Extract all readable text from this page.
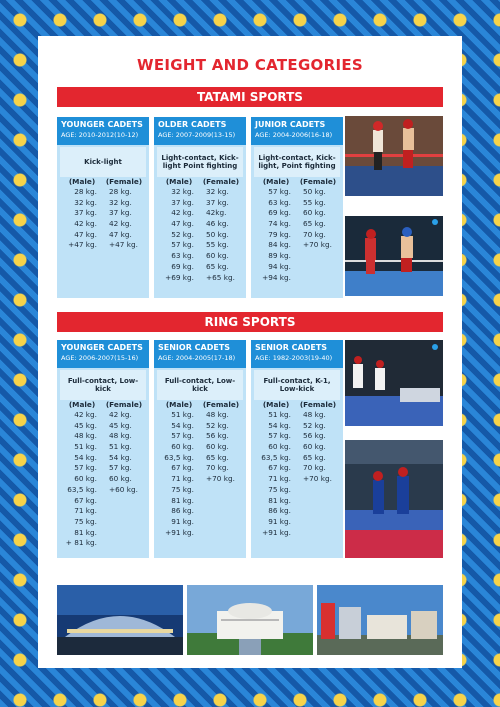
WEIGHT AND CATEGORIES
TATAMI SPORTS
YOUNGER CADETS
AGE: 2010-2012(10-12)
Kick-light
(Male)
28 kg.
32 kg.
37 kg.
42 kg.
47 kg.
+47 kg.
(Female)
28 kg.
32 kg.
37 kg.
42 kg.
47 kg.
+47 kg.
OLDER CADETS
AGE: 2007-2009(13-15)
Light-contact, Kick-light Point fighting
(Male)
32 kg.
37 kg.
42 kg.
47 kg.
52 kg.
57 kg.
63 kg.
69 kg.
+69 kg.
(Female)
32 kg.
37 kg.
42kg.
46 kg.
50 kg.
55 kg.
60 kg.
65 kg.
+65 kg.
JUNIOR CADETS
AGE: 2004-2006(16-18)
Light-contact, Kick-light, Point fighting
(Male)
57 kg.
63 kg.
69 kg.
74 kg.
79 kg.
84 kg.
89 kg.
94 kg.
+94 kg.
(Female)
50 kg.
55 kg.
60 kg.
65 kg.
70 kg.
+70 kg.
RING SPORTS
YOUNGER CADETS
AGE: 2006-2007(15-16)
Full-contact, Low-kick
(Male)
42 kg.
45 kg.
48 kg.
51 kg.
54 kg.
57 kg.
60 kg.
63,5 kg.
67 kg.
71 kg.
75 kg.
81 kg.
+ 81 kg.
(Female)
42 kg.
45 kg.
48 kg.
51 kg.
54 kg.
57 kg.
60 kg.
+60 kg.
SENIOR CADETS
AGE: 2004-2005(17-18)
Full-contact, Low-kick
(Male)
51 kg.
54 kg.
57 kg.
60 kg.
63,5 kg.
67 kg.
71 kg.
75 kg.
81 kg.
86 kg.
91 kg.
+91 kg.
(Female)
48 kg.
52 kg.
56 kg.
60 kg.
65 kg.
70 kg.
+70 kg.
SENIOR CADETS
AGE: 1982-2003(19-40)
Full-contact, K-1, Low-kick
(Male)
51 kg.
54 kg.
57 kg.
60 kg.
63,5 kg.
67 kg.
71 kg.
75 kg.
81 kg.
86 kg.
91 kg.
+91 kg.
(Female)
48 kg.
52 kg.
56 kg.
60 kg.
65 kg.
70 kg.
+70 kg.
